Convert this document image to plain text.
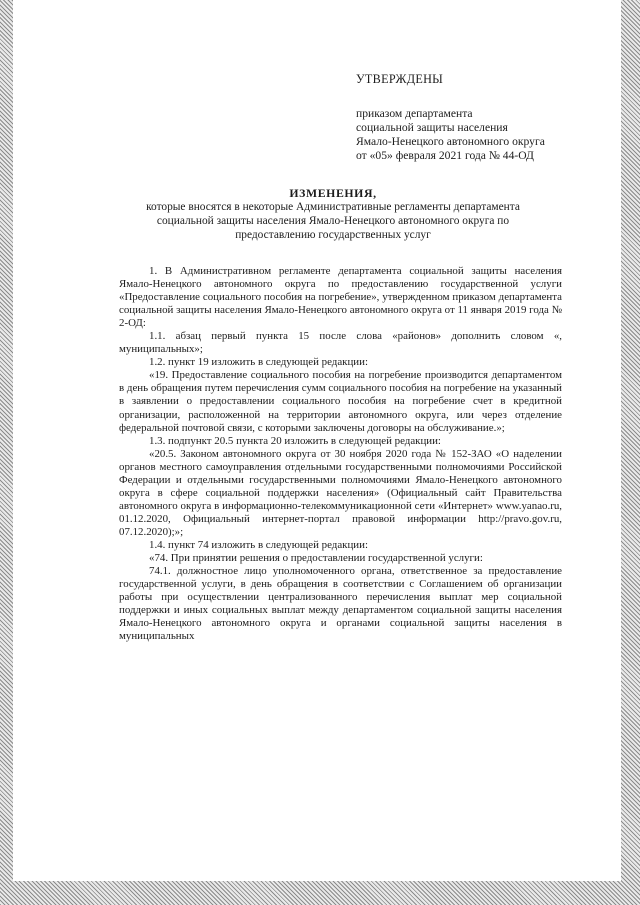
УТВЕРЖДЕНЫ
приказом департамента
социальной защиты населения
Ямало-Ненецкого автономного округа
от «05» февраля 2021 года № 44-ОД
ИЗМЕНЕНИЯ,
которые вносятся в некоторые Административные регламенты департамента социальной защиты населения Ямало-Ненецкого автономного округа по предоставлению государственных услуг

1. В Административном регламенте департамента социальной защиты населения Ямало-Ненецкого автономного округа по предоставлению государственной услуги «Предоставление социального пособия на погребение», утвержденном приказом департамента социальной защиты населения Ямало-Ненецкого автономного округа от 11 января 2019 года № 2-ОД:

1.1. абзац первый пункта 15 после слова «районов» дополнить словом «, муниципальных»;

1.2. пункт 19 изложить в следующей редакции:

«19. Предоставление социального пособия на погребение производится департаментом в день обращения путем перечисления сумм социального пособия на погребение на указанный в заявлении о предоставлении социального пособия на погребение счет в кредитной организации, расположенной на территории автономного округа, или через отделение федеральной почтовой связи, с которыми заключены договоры на обслуживание.»;

1.3. подпункт 20.5 пункта 20 изложить в следующей редакции:

«20.5. Законом автономного округа от 30 ноября 2020 года № 152-ЗАО «О наделении органов местного самоуправления отдельными государственными полномочиями Российской Федерации и отдельными государственными полномочиями Ямало-Ненецкого автономного округа в сфере социальной поддержки населения» (Официальный сайт Правительства автономного округа в информационно-телекоммуникационной сети «Интернет» www.yanao.ru, 01.12.2020, Официальный интернет-портал правовой информации http://pravo.gov.ru, 07.12.2020);»;

1.4. пункт 74 изложить в следующей редакции:

«74. При принятии решения о предоставлении государственной услуги:

74.1. должностное лицо уполномоченного органа, ответственное за предоставление государственной услуги, в день обращения в соответствии с Соглашением об организации работы при осуществлении централизованного перечисления выплат мер социальной поддержки и иных социальных выплат между департаментом социальной защиты населения Ямало-Ненецкого автономного округа и органами социальной защиты населения в муниципальных
